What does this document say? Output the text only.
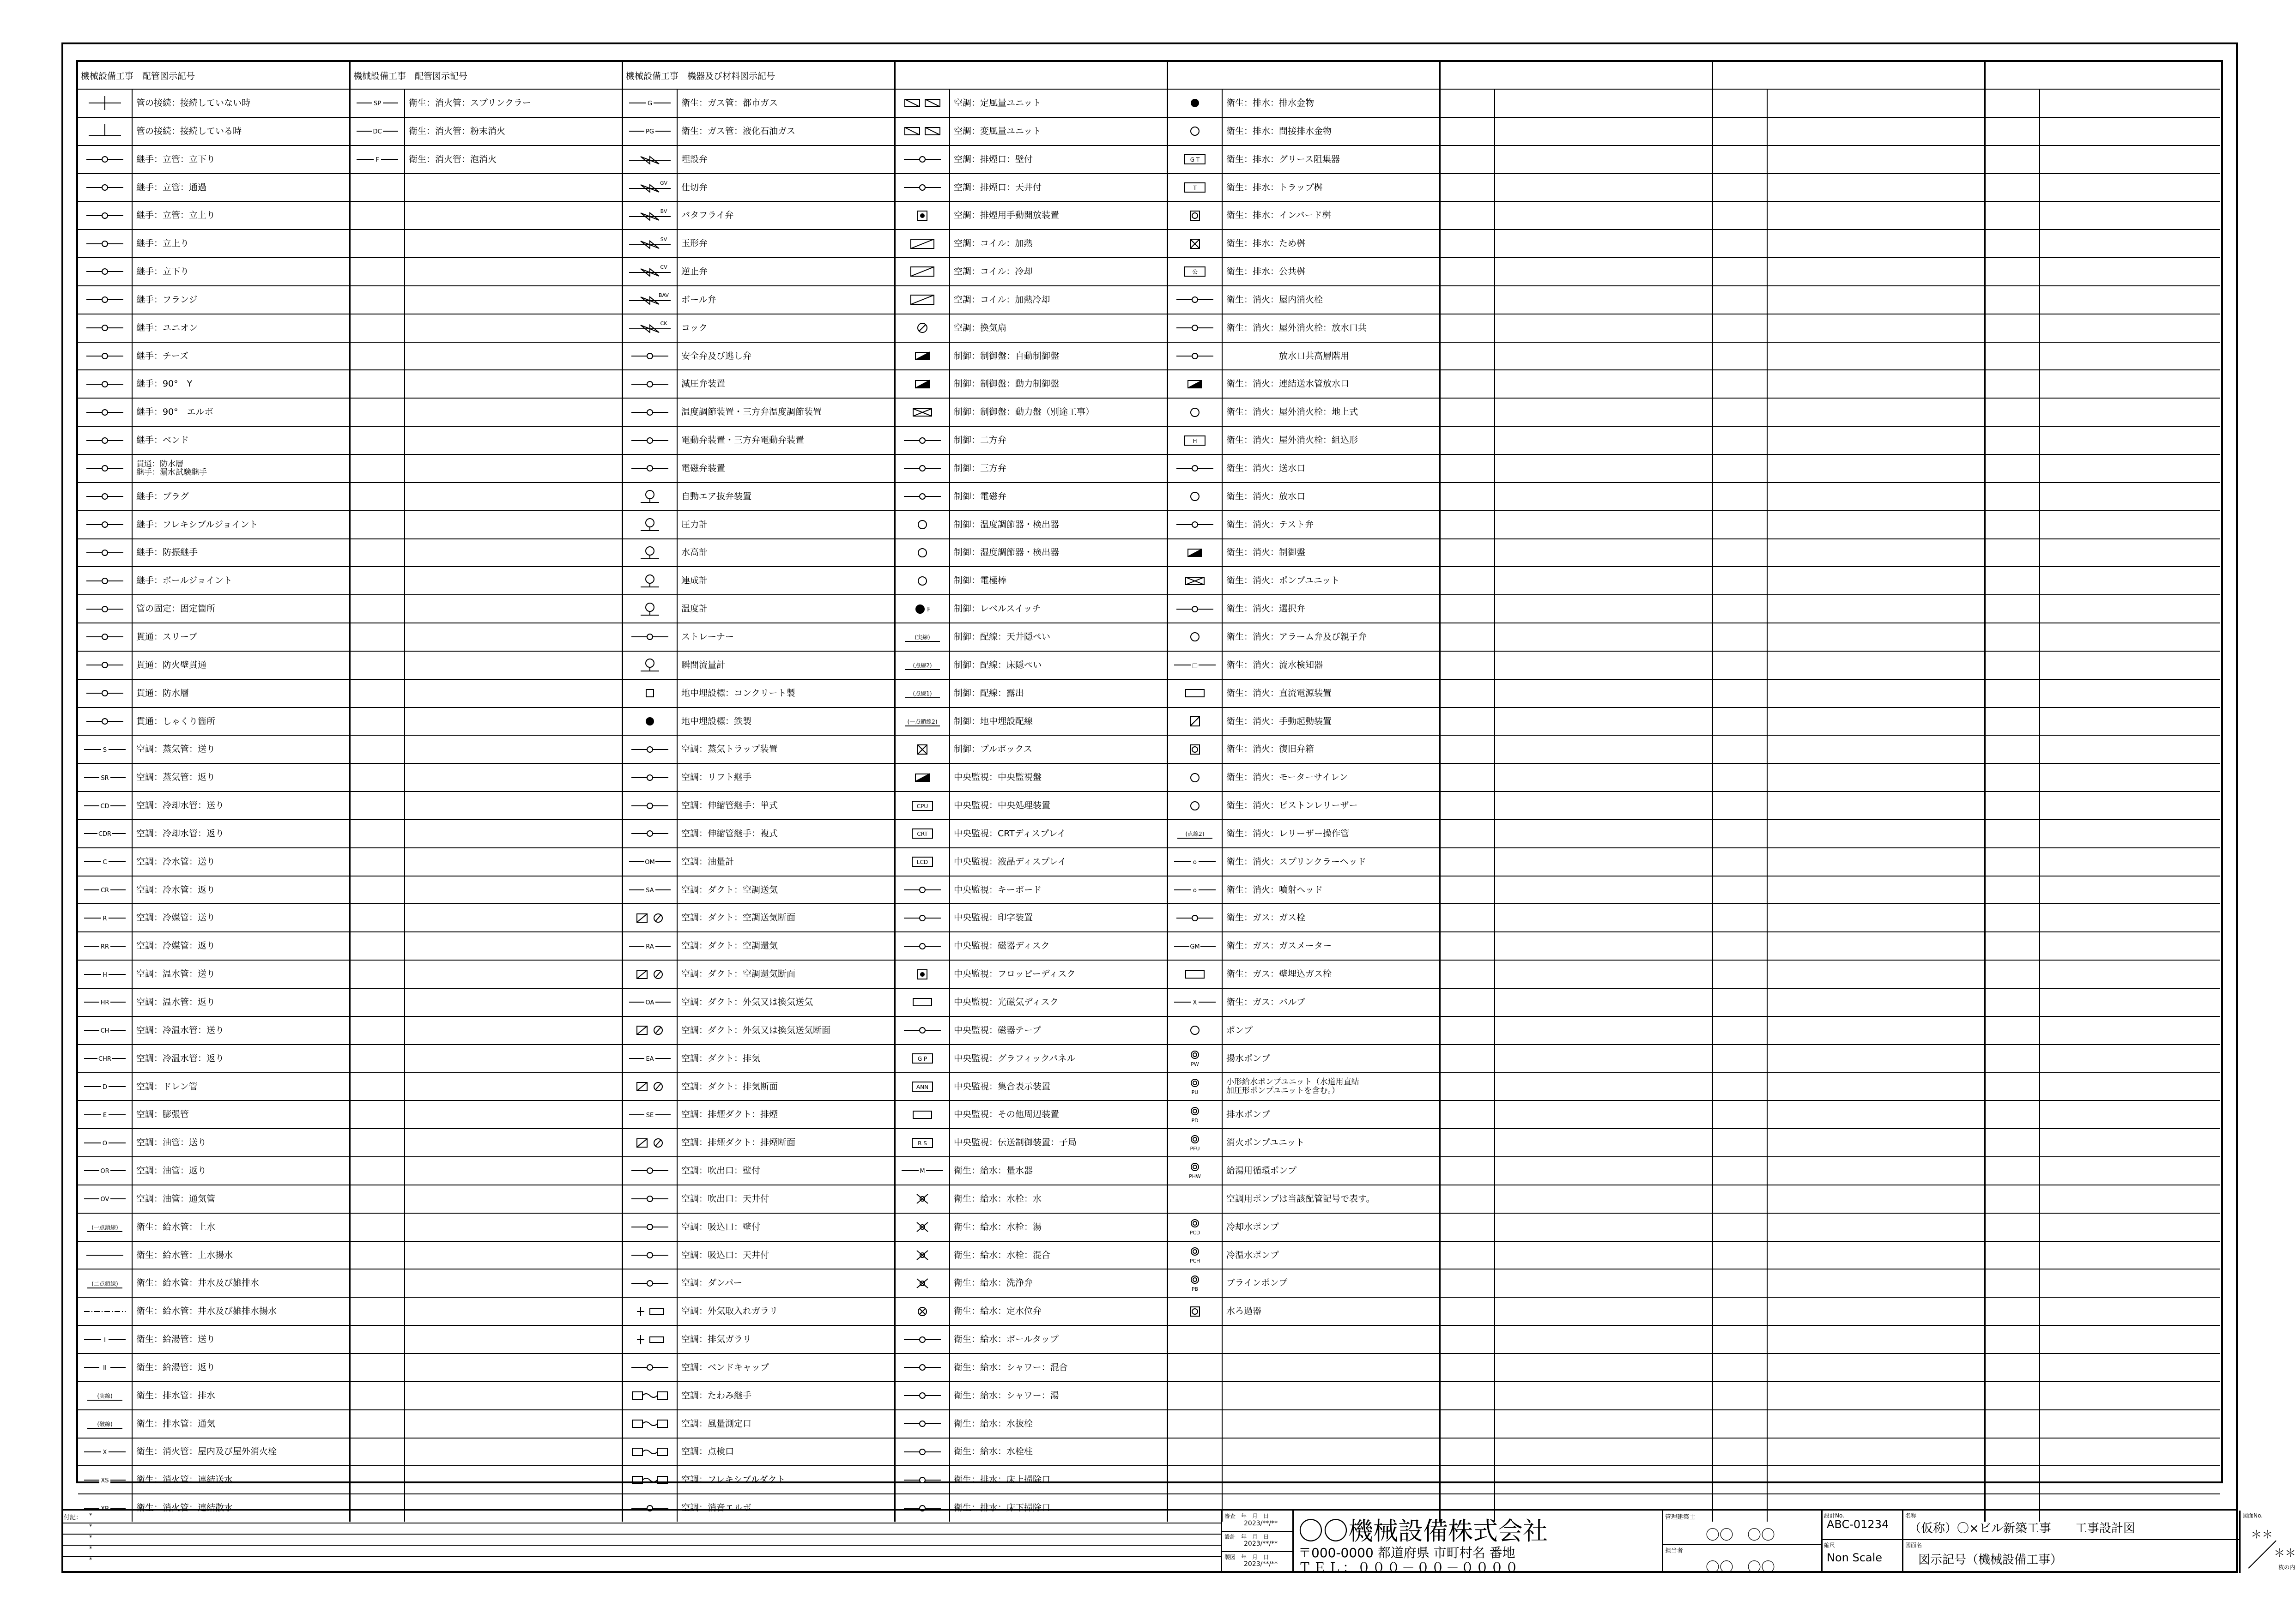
機械設備工事　配管図示記号
管の接続：接続していない時
管の接続：接続している時
継手：立管：立下り
継手：立管：通過
継手：立管：立上り
継手：立上り
継手：立下り
継手：フランジ
継手：ユニオン
継手：チーズ
継手：90°　Y
継手：90°　エルボ
継手：ベンド
貫通：防水層
継手：漏水試験継手
継手：プラグ
継手：フレキシブルジョイント
継手：防振継手
継手：ボールジョイント
管の固定：固定箇所
貫通：スリーブ
貫通：防火壁貫通
貫通：防水層
貫通：しゃくり箇所
S	空調：蒸気管：送り
SR	空調：蒸気管：返り
CD	空調：冷却水管：送り
CDR	空調：冷却水管：返り
C	空調：冷水管：送り
CR	空調：冷水管：返り
R	空調：冷媒管：送り
RR	空調：冷媒管：返り
H	空調：温水管：送り
HR	空調：温水管：返り
CH	空調：冷温水管：送り
CHR	空調：冷温水管：返り
D	空調：ドレン管
E	空調：膨張管
O	空調：油管：送り
OR	空調：油管：返り
OV	空調：油管：通気管
(一点鎖線)	衛生：給水管：上水
衛生：給水管：上水揚水
(二点鎖線)	衛生：給水管：井水及び雑排水
衛生：給水管：井水及び雑排水揚水
I	衛生：給湯管：送り
II	衛生：給湯管：返り
(実線)	衛生：排水管：排水
(破線)	衛生：排水管：通気
X	衛生：消火管：屋内及び屋外消火栓
XS	衛生：消火管：連結送水
XB	衛生：消火管：連結散水
機械設備工事　配管図示記号
SP	衛生：消火管：スプリンクラー
DC	衛生：消火管：粉末消火
F	衛生：消火管：泡消火
機械設備工事　機器及び材料図示記号
G	衛生：ガス管：都市ガス
PG	衛生：ガス管：液化石油ガス
埋設弁
GV	仕切弁
BV	バタフライ弁
SV	玉形弁
CV	逆止弁
BAV	ボール弁
CK	コック
安全弁及び逃し弁
減圧弁装置
温度調節装置・三方弁温度調節装置
電動弁装置・三方弁電動弁装置
電磁弁装置
自動エア抜弁装置
圧力計
水高計
連成計
温度計
ストレーナー
瞬間流量計
地中埋設標：コンクリート製
地中埋設標：鉄製
空調：蒸気トラップ装置
空調：リフト継手
空調：伸縮管継手：単式
空調：伸縮管継手：複式
OM	空調：油量計
SA	空調：ダクト：空調送気
空調：ダクト：空調送気断面
RA	空調：ダクト：空調還気
空調：ダクト：空調還気断面
OA	空調：ダクト：外気又は換気送気
空調：ダクト：外気又は換気送気断面
EA	空調：ダクト：排気
空調：ダクト：排気断面
SE	空調：排煙ダクト：排煙
空調：排煙ダクト：排煙断面
空調：吹出口：壁付
空調：吹出口：天井付
空調：吸込口：壁付
空調：吸込口：天井付
空調：ダンパー
空調：外気取入れガラリ
空調：排気ガラリ
空調：ベンドキャップ
空調：たわみ継手
空調：風量測定口
空調：点検口
空調：フレキシブルダクト
空調：消音エルボ
空調：定風量ユニット
空調：変風量ユニット
空調：排煙口：壁付
空調：排煙口：天井付
空調：排煙用手動開放装置
空調：コイル：加熱
空調：コイル：冷却
空調：コイル：加熱冷却
空調：換気扇
制御：制御盤：自動制御盤
制御：制御盤：動力制御盤
制御：制御盤：動力盤（別途工事）
制御：二方弁
制御：三方弁
制御：電磁弁
制御：温度調節器・検出器
制御：湿度調節器・検出器
制御：電極棒
F	制御：レベルスイッチ
(実線)	制御：配線：天井隠ぺい
(点線2)	制御：配線：床隠ぺい
(点線1)	制御：配線：露出
(一点鎖線2)	制御：地中埋設配線
制御：プルボックス
中央監視：中央監視盤
CPU	中央監視：中央処理装置
CRT	中央監視：CRTディスプレイ
LCD	中央監視：液晶ディスプレイ
中央監視：キーボード
中央監視：印字装置
中央監視：磁器ディスク
中央監視：フロッピーディスク
中央監視：光磁気ディスク
中央監視：磁器テープ
G P	中央監視：グラフィックパネル
ANN	中央監視：集合表示装置
中央監視：その他周辺装置
R S	中央監視：伝送制御装置：子局
M	衛生：給水：量水器
衛生：給水：水栓：水
衛生：給水：水栓：湯
衛生：給水：水栓：混合
衛生：給水：洗浄弁
衛生：給水：定水位弁
衛生：給水：ボールタップ
衛生：給水：シャワー：混合
衛生：給水：シャワー：湯
衛生：給水：水抜栓
衛生：給水：水栓柱
衛生：排水：床上掃除口
衛生：排水：床下掃除口
衛生：排水：排水金物
衛生：排水：間接排水金物
G T	衛生：排水：グリース阻集器
T	衛生：排水：トラップ桝
衛生：排水：インバード桝
衛生：排水：ため桝
公	衛生：排水：公共桝
衛生：消火：屋内消火栓
衛生：消火：屋外消火栓：放水口共
　　　　　　放水口共高層階用
衛生：消火：連結送水管放水口
衛生：消火：屋外消火栓：地上式
H	衛生：消火：屋外消火栓：組込形
衛生：消火：送水口
衛生：消火：放水口
衛生：消火：テスト弁
衛生：消火：制御盤
衛生：消火：ポンプユニット
衛生：消火：選択弁
衛生：消火：アラーム弁及び親子弁
□	衛生：消火：流水検知器
衛生：消火：直流電源装置
衛生：消火：手動起動装置
衛生：消火：復旧弁箱
衛生：消火：モーターサイレン
衛生：消火：ピストンレリーザー
(点線2)	衛生：消火：レリーザー操作管
o	衛生：消火：スプリンクラーヘッド
o	衛生：消火：噴射ヘッド
衛生：ガス：ガス栓
GM	衛生：ガス：ガスメーター
衛生：ガス：壁埋込ガス栓
X	衛生：ガス：バルブ
ポンプ
PW
揚水ポンプ
PU
小形給水ポンプユニット（水道用直結
加圧形ポンプユニットを含む。）
PD
排水ポンプ
PFU
消火ポンプユニット
PHW
給湯用循環ポンプ
空調用ポンプは当該配管記号で表す。
PCD
冷却水ポンプ
PCH
冷温水ポンプ
PB
ブラインポンプ
水ろ過器
付記： *
*
*
*
*
審査　年　月　日
2023/**/**
設計　年　月　日
2023/**/**
製図　年　月　日
2023/**/**
〇〇機械設備株式会社
〒000-0000 都道府県 市町村名 番地
ＴＥＬ：０００－００－００００
管理建築士
〇〇　〇〇
担当者
〇〇　〇〇
設計No.
ABC-01234
縮尺
Non Scale
名称
（仮称）〇×ビル新築工事　　工事設計図
図面名
図示記号（機械設備工事）
図面No.
＊＊
＊＊
枚の内
